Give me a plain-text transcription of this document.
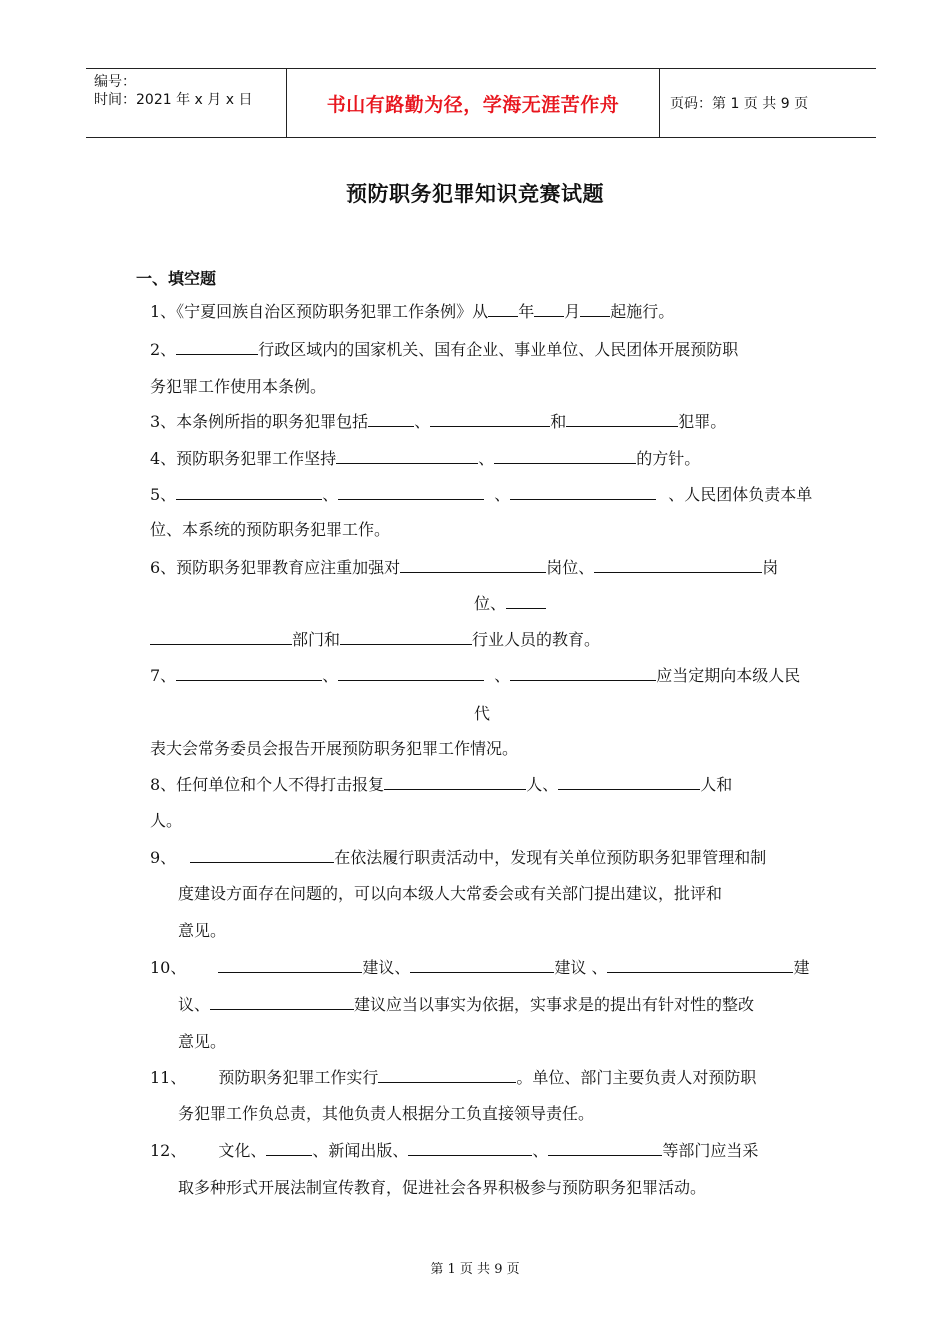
编号：
时间：2021 年 x 月 x 日	书山有路勤为径，学海无涯苦作舟	页码：第 1 页 共 9 页
预防职务犯罪知识竞赛试题
一、填空题
1、《宁夏回族自治区预防职务犯罪工作条例》从 年 月 起施行。
2、	行政区域内的国家机关、国有企业、事业单位、人民团体开展预防职
务犯罪工作使用本条例。
3、本条例所指的职务犯罪包括	、	和	犯罪。
4、预防职务犯罪工作坚持	、	的方针。
5、	、	、	、人民团体负责本单
位、本系统的预防职务犯罪工作。
6、预防职务犯罪教育应注重加强对	岗位、	岗
位、
部门和	行业人员的教育。
7、	、	、	应当定期向本级人民
代
表大会常务委员会报告开展预防职务犯罪工作情况。
8、任何单位和个人不得打击报复	人、	人和
人。
9、	在依法履行职责活动中，发现有关单位预防职务犯罪管理和制
度建设方面存在问题的，可以向本级人大常委会或有关部门提出建议，批评和
意见。
10、	建议、	建议 、	建
议、	建议应当以事实为依据，实事求是的提出有针对性的整改
意见。
11、 预防职务犯罪工作实行	。单位、部门主要负责人对预防职
务犯罪工作负总责，其他负责人根据分工负直接领导责任。
12、 文化、	、新闻出版、	、	等部门应当采
取多种形式开展法制宣传教育，促进社会各界积极参与预防职务犯罪活动。
第 1 页 共 9 页
